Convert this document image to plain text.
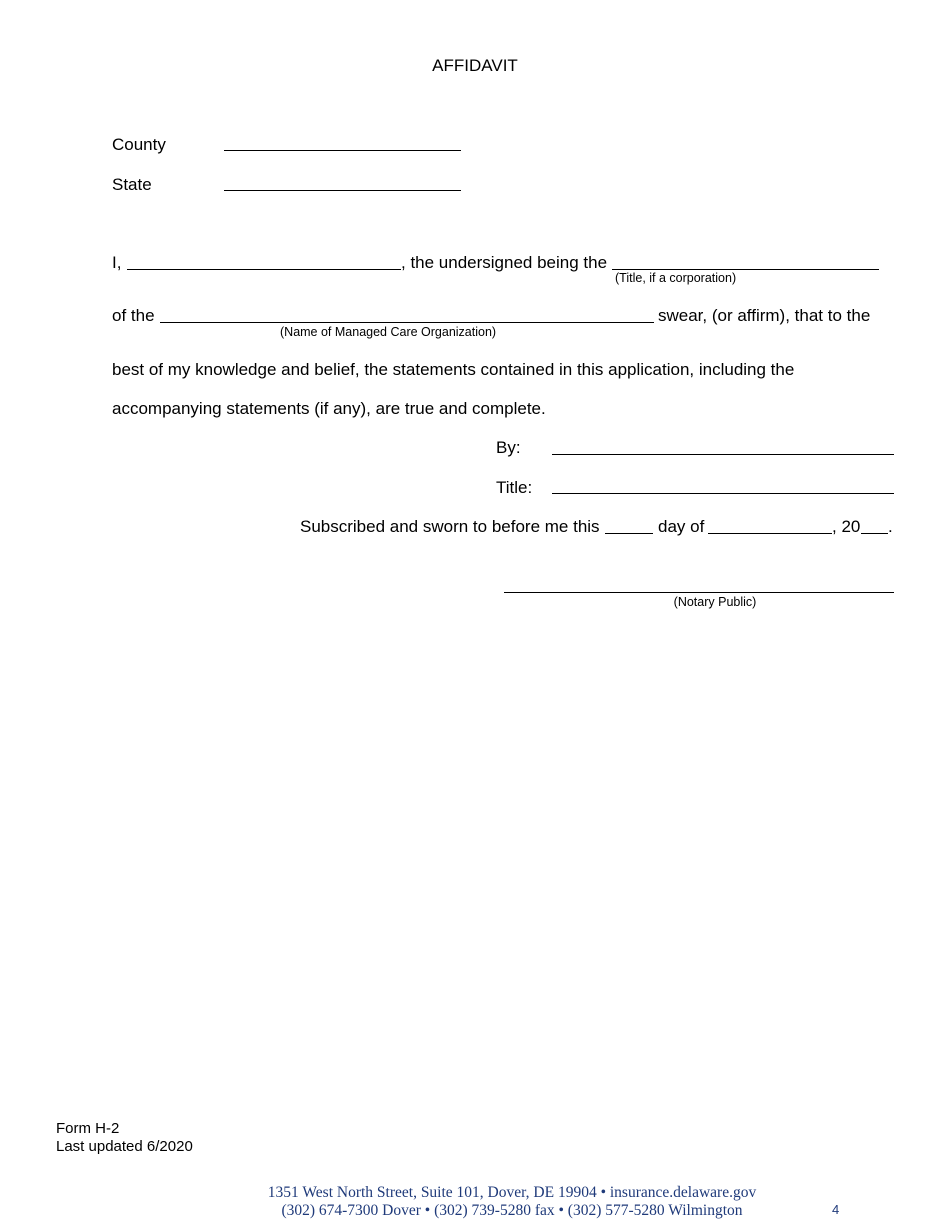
AFFIDAVIT
County
State
I,	, the undersigned being the
(Title, if a corporation)
of the	swear, (or affirm), that to the
(Name of Managed Care Organization)
best of my knowledge and belief, the statements contained in this application, including the
accompanying statements (if any), are true and complete.
By:
Title:
Subscribed and sworn to before me this	day of	, 20 .
(Notary Public)
Form H-2
Last updated 6/2020
1351 West North Street, Suite 101, Dover, DE 19904 • insurance.delaware.gov
(302) 674-7300 Dover • (302) 739-5280 fax • (302) 577-5280 Wilmington	4
